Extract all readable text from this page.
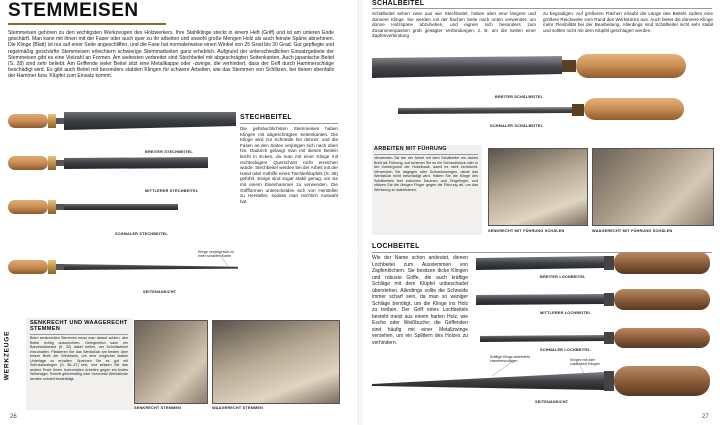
STEMMEISEN
Stemmeisen gehören zu den wichtigsten Werkzeugen des Holzwerkers. Ihre Stahlklinge steckt in einem Heft (Griff) und ist am unteren Ende geschärft. Man kann mit ihnen mit der Faser oder auch quer zu ihr arbeiten und sowohl große Mengen Holz als auch feinste Späne abnehmen. Die Klinge (Blatt) ist nur auf einer Seite angeschliffen, und die Fase hat normalerweise einen Winkel von 25 Grad bis 30 Grad. Gut gepflegte und regelmäßig geschärfte Stemmeisen erleichtern schwierige Stemmarbeiten ganz erheblich. Aufgrund der unterschiedlichen Einsatzgebiete der Stemmeisen gibt es eine Vielzahl an Formen. Am weitesten verbreitet sind Stechbeitel mit abgeschrägten Seitenkanten. Auch japanische Beitel (S. 28) sind sehr beliebt. Am Griffende vieler Beitel sitzt eine Metallkappe oder -zwinge, die verhindert, dass der Griff durch Hammerschläge beschädigt wird. Es gibt auch Beitel mit besonders stabilen Klingen für schwere Arbeiten, wie das Stemmen von Schlitzen, bei denen ebenfalls der Hammer bzw. Klüpfel zum Einsatz kommt.
BREITER STECHBEITEL
MITTLERER STECHBEITEL
SCHMALER STECHBEITEL
SEITENANSICHT
Klinge verjüngt sich zu einer scharfen Kante
STECHBEITEL
Die gebräuchlichsten Stemmeisen haben Klingen mit abgeschrägten Seitenkanten. Die Klinge wird zur Schneide hin dünner, und die Fasen an den Seiten verjüngen sich nach oben hin. Dadurch gelangt man mit diesen Beiteln leicht in Ecken, da man mit einer Klinge mit rechteckigem Querschnitt nicht erreichen würde. Stechbeitel werden bei der Arbeit mit der Hand oder mithilfe eines Tischlerklüpfels (S. 35) geführt. Einige sind sogar stabil genug, um sie mit einem Eisenhammer zu verwenden. Die Griffformen unterscheiden sich von Hersteller zu Hersteller, sodass man reichlich Auswahl hat.
SENKRECHT UND WAAGERECHT STEMMEN
Beim senkrechten Stemmen muss man darauf achten, den Beitel richtig auszurichten. Gelegentlich kann ein Bandmaßwinkel (S. 32) dabei helfen, der Schnittwinkel einzuhalten. Platzieren Sie das Werkstück am besten über einem Brett der Werkbank, um eine möglichst stabile Unterlage zu erhalten. Spannen Sie es gut mit Schraubzwingen (S. 36–37) fest, und stützen Sie das andere Ende Ihrem horizontalen Arbeiten gegen ein festes Widerlager. Schnitt gleichmäßig oder horizontal Werkstücke werden schnell beschädigt.
SENKRECHT STEMMEN	WAAGERECHT STEMMEN
WERKZEUGE
26
SCHÄLBEITEL
Schälbeitel sehen zwar aus wie Stechbeitel, haben aber eine längere und dünnere Klinge. Sie werden mit der flachen Seite nach unten verwendet, um dünne Holzspäne abzuheben, und eignen sich besonders zum Zusammenpassen grob gesägter Verbindungen, z. B. um die Seiten einer Zapfenverbindung
zu begradigen. Auf größeren Flächen erlaubt die Länge des Beitels zudem eine größere Reichweite vom Rand des Werkstücks aus. Auch bietet die dünnere Klinge mehr Flexibilität bei der Bearbeitung. Allerdings sind Schälbeitel nicht sehr stabil und sollten nicht mit dem Klüpfel geschlagen werden.
BREITER SCHÄLBEITEL
SCHMALER SCHÄLBEITEL
ARBEITEN MIT FÜHRUNG
Verwenden Sie bei der Arbeit mit dem Schälbeitel ein dickes Brett als Führung, auf schenen Sie es ein Schraubstock oder in der Vordergrund der Hobelbank, damit es nicht verrutscht. Verwenden Sie dagegen oder Schraubzwingen, damit das Werkstück nicht beschädigt wird. Halten Sie die Klinge des Schälbeitels fest zwischen Daumen und Zeigefinger, und stützen Sie die übrigen Finger gegen die Führung ab, um das Werkzeug zu stabilisieren.
SENKRECHT MIT FÜHRUNG SCHÄLEN	WAAGERECHT MIT FÜHRUNG SCHÄLEN
LOCHBEITEL
Wie der Name schon andeutet, dienen Lochbeitel zum Ausstemmen von Zapfenlöchern. Sie besitzen dicke Klingen und robuste Griffe, die auch kräftige Schläge mit dem Klüpfel unbeschadet überstehen. Allerdings sollte die Schneide immer scharf sein, da man so weniger Schläge benötigt, um die Klinge ins Holz zu treiben. Der Griff eines Lochbeitels besteht meist aus einem harten Holz, wie Esche oder Weißbuche; die Griffenden sind häufig mit einer Metallzwinge versehen, um ein Splittern des Holzes zu verhindern.
BREITER LOCHBEITEL
MITTLERER LOCHBEITEL
SCHMALER LOCHBEITEL
SEITENANSICHT
Kräftige Klinge widersteht Hammerschlägen	Klingen mit oder zusätzliche Klingen
27
